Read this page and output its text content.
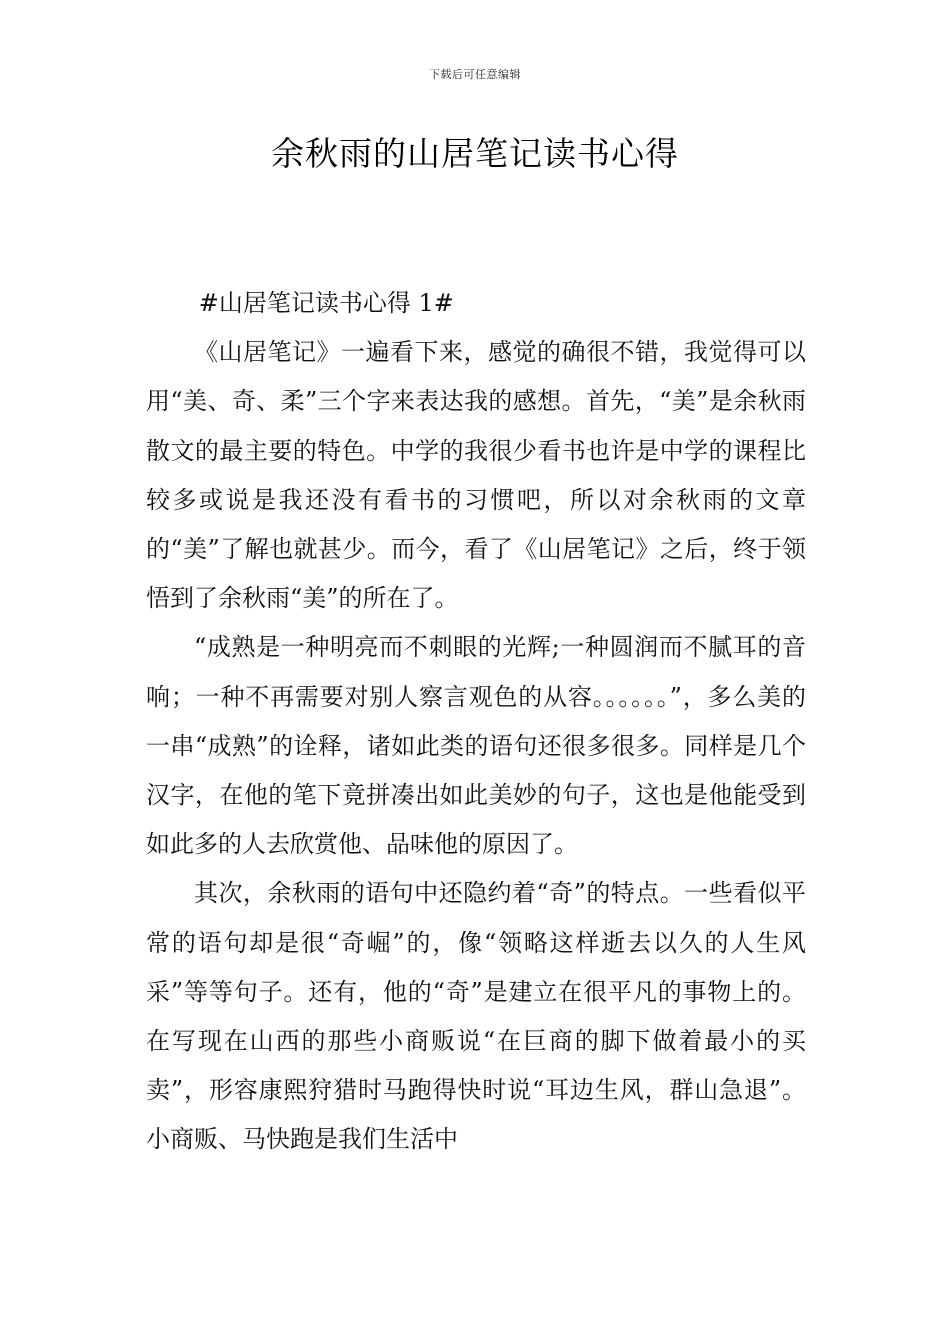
下载后可任意编辑
余秋雨的山居笔记读书心得

#山居笔记读书心得 1#

《山居笔记》一遍看下来，感觉的确很不错，我觉得可以用“美、奇、柔”三个字来表达我的感想。首先，“美”是余秋雨散文的最主要的特色。中学的我很少看书也许是中学的课程比较多或说是我还没有看书的习惯吧，所以对余秋雨的文章的“美”了解也就甚少。而今，看了《山居笔记》之后，终于领悟到了余秋雨“美”的所在了。

“成熟是一种明亮而不刺眼的光辉;一种圆润而不腻耳的音响；一种不再需要对别人察言观色的从容。。。。。。”，多么美的一串“成熟”的诠释，诸如此类的语句还很多很多。同样是几个汉字，在他的笔下竟拼凑出如此美妙的句子，这也是他能受到如此多的人去欣赏他、品味他的原因了。

其次，余秋雨的语句中还隐约着“奇”的特点。一些看似平常的语句却是很“奇崛”的，像“领略这样逝去以久的人生风采”等等句子。还有，他的“奇”是建立在很平凡的事物上的。在写现在山西的那些小商贩说“在巨商的脚下做着最小的买卖”，形容康熙狩猎时马跑得快时说“耳边生风，群山急退”。小商贩、马快跑是我们生活中
